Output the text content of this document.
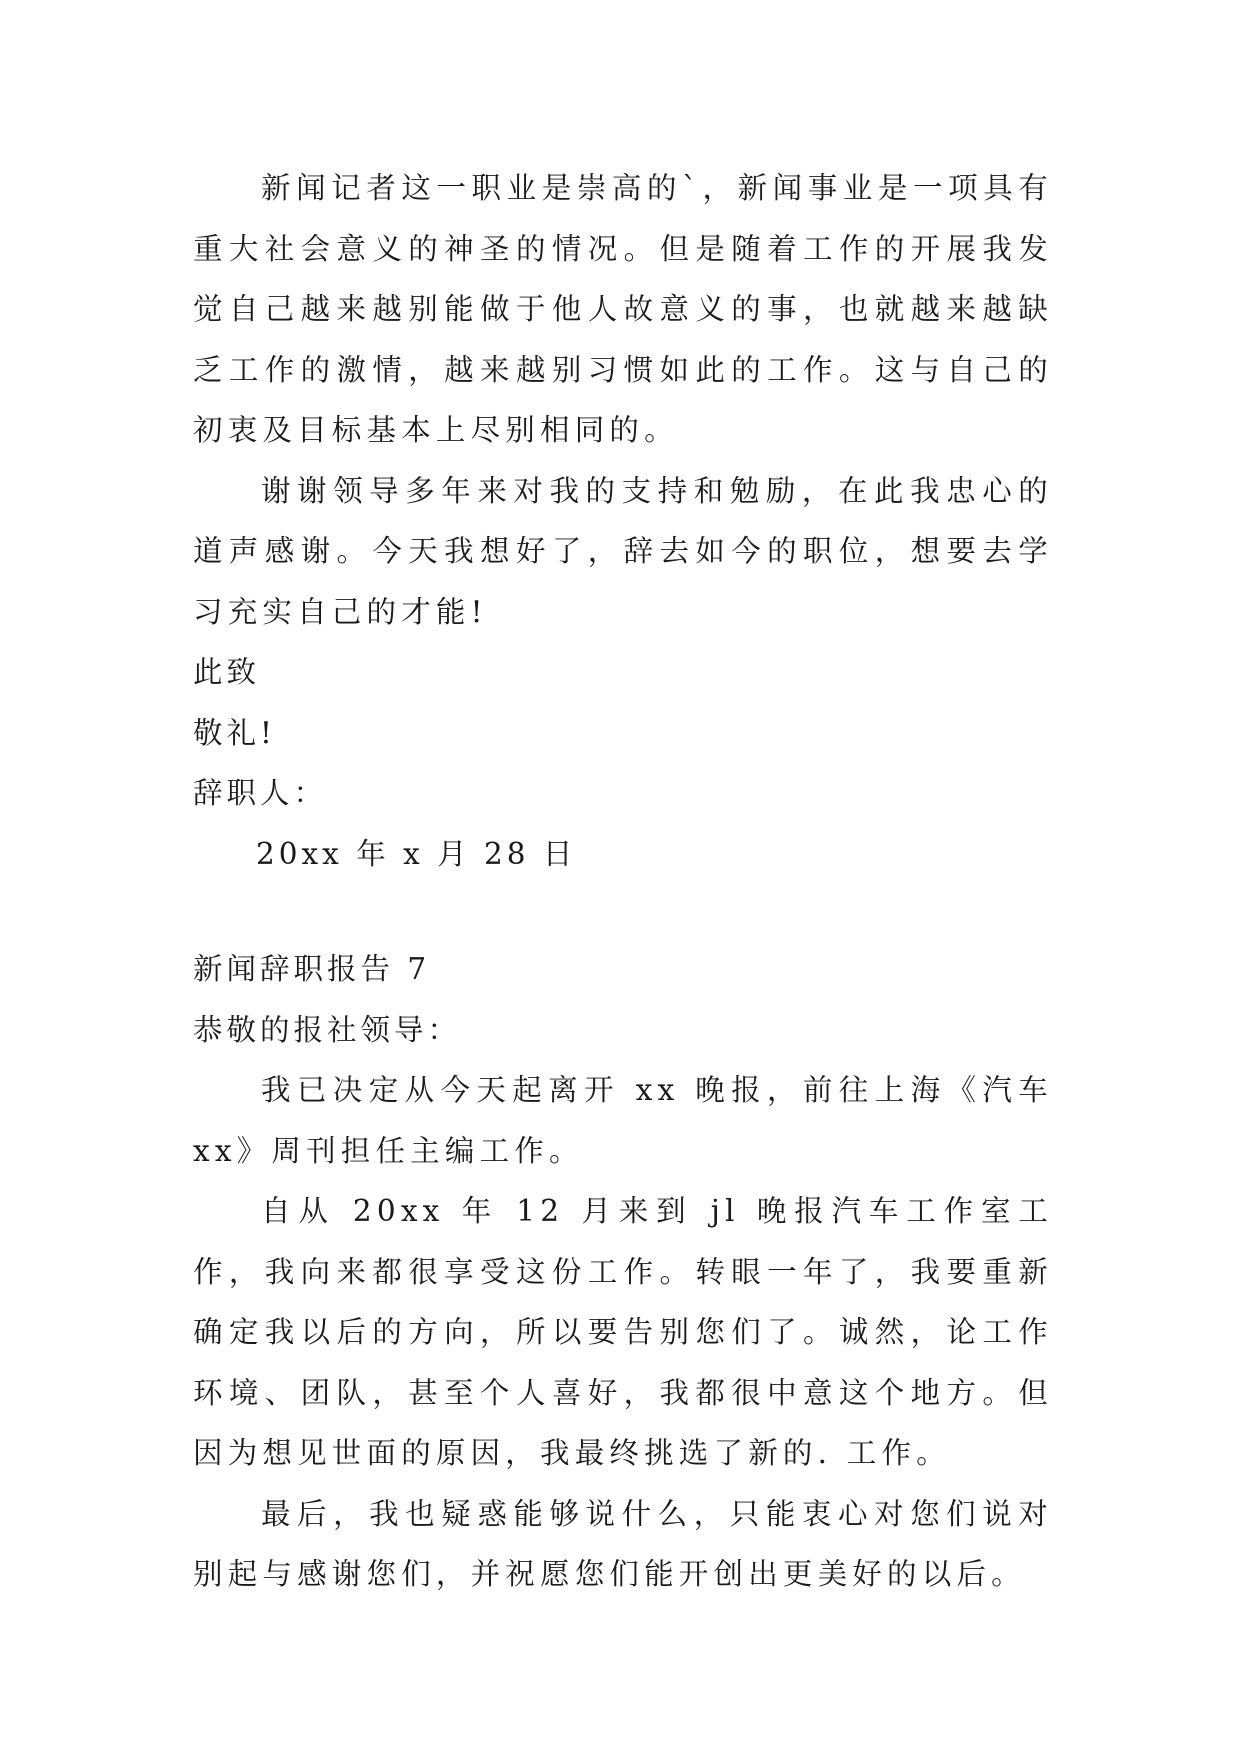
新闻记者这一职业是崇高的`，新闻事业是一项具有重大社会意义的神圣的情况。但是随着工作的开展我发觉自己越来越别能做于他人故意义的事，也就越来越缺乏工作的激情，越来越别习惯如此的工作。这与自己的初衷及目标基本上尽别相同的。

谢谢领导多年来对我的支持和勉励，在此我忠心的道声感谢。今天我想好了，辞去如今的职位，想要去学习充实自己的才能!

此致

敬礼!

辞职人：

20xx 年 x 月 28 日

新闻辞职报告 7

恭敬的报社领导：

我已决定从今天起离开 xx 晚报，前往上海《汽车 xx》周刊担任主编工作。

自从 20xx 年 12 月来到 jl 晚报汽车工作室工作，我向来都很享受这份工作。转眼一年了，我要重新确定我以后的方向，所以要告别您们了。诚然，论工作环境、团队，甚至个人喜好，我都很中意这个地方。但因为想见世面的原因，我最终挑选了新的. 工作。

最后，我也疑惑能够说什么，只能衷心对您们说对别起与感谢您们，并祝愿您们能开创出更美好的以后。
